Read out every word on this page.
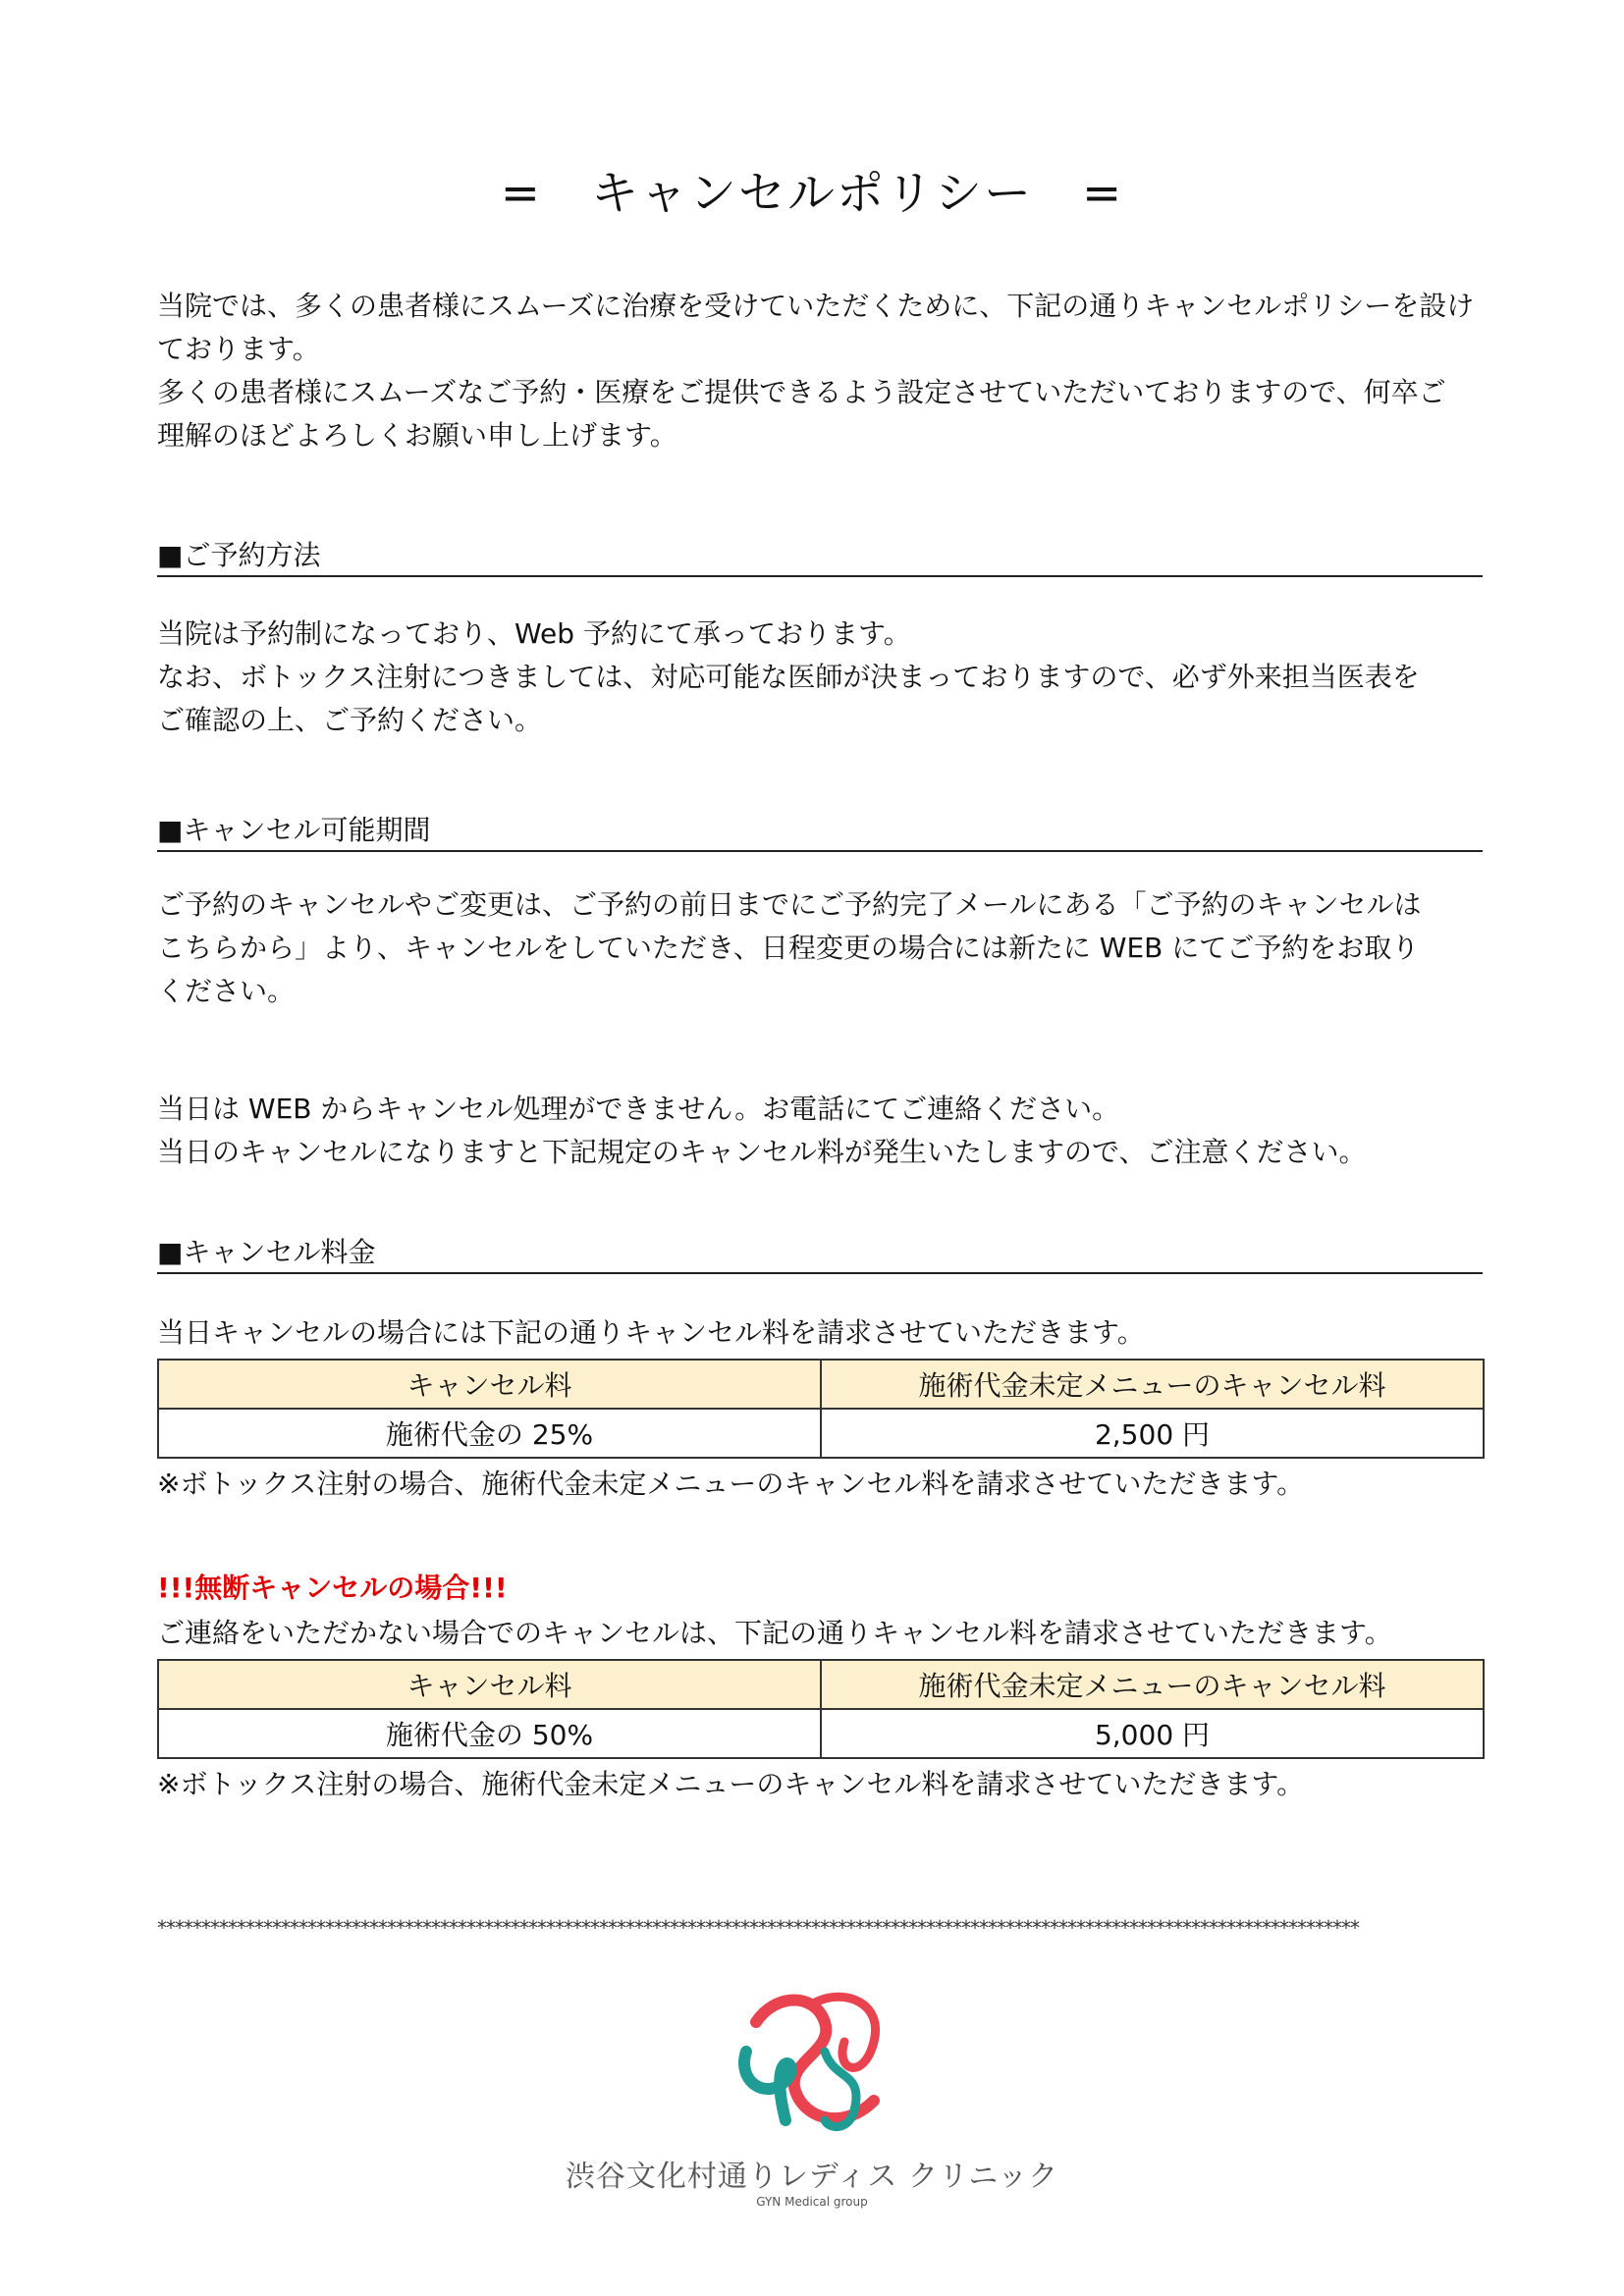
=　キャンセルポリシー　=
当院では、多くの患者様にスムーズに治療を受けていただくために、下記の通りキャンセルポリシーを設け
ております。
多くの患者様にスムーズなご予約・医療をご提供できるよう設定させていただいておりますので、何卒ご
理解のほどよろしくお願い申し上げます。
■ご予約方法
当院は予約制になっており、Web 予約にて承っております。
なお、ボトックス注射につきましては、対応可能な医師が決まっておりますので、必ず外来担当医表を
ご確認の上、ご予約ください。
■キャンセル可能期間
ご予約のキャンセルやご変更は、ご予約の前日までにご予約完了メールにある「ご予約のキャンセルは
こちらから」より、キャンセルをしていただき、日程変更の場合には新たに WEB にてご予約をお取り
ください。
当日は WEB からキャンセル処理ができません。お電話にてご連絡ください。
当日のキャンセルになりますと下記規定のキャンセル料が発生いたしますので、ご注意ください。
■キャンセル料金
当日キャンセルの場合には下記の通りキャンセル料を請求させていただきます。
キャンセル料	施術代金未定メニューのキャンセル料
施術代金の 25%	2,500 円
※ボトックス注射の場合、施術代金未定メニューのキャンセル料を請求させていただきます。
!!!無断キャンセルの場合!!!
ご連絡をいただかない場合でのキャンセルは、下記の通りキャンセル料を請求させていただきます。
キャンセル料	施術代金未定メニューのキャンセル料
施術代金の 50%	5,000 円
※ボトックス注射の場合、施術代金未定メニューのキャンセル料を請求させていただきます。
****************************************************************************************************************************************
渋谷文化村通りレディス クリニック
GYN Medical group
